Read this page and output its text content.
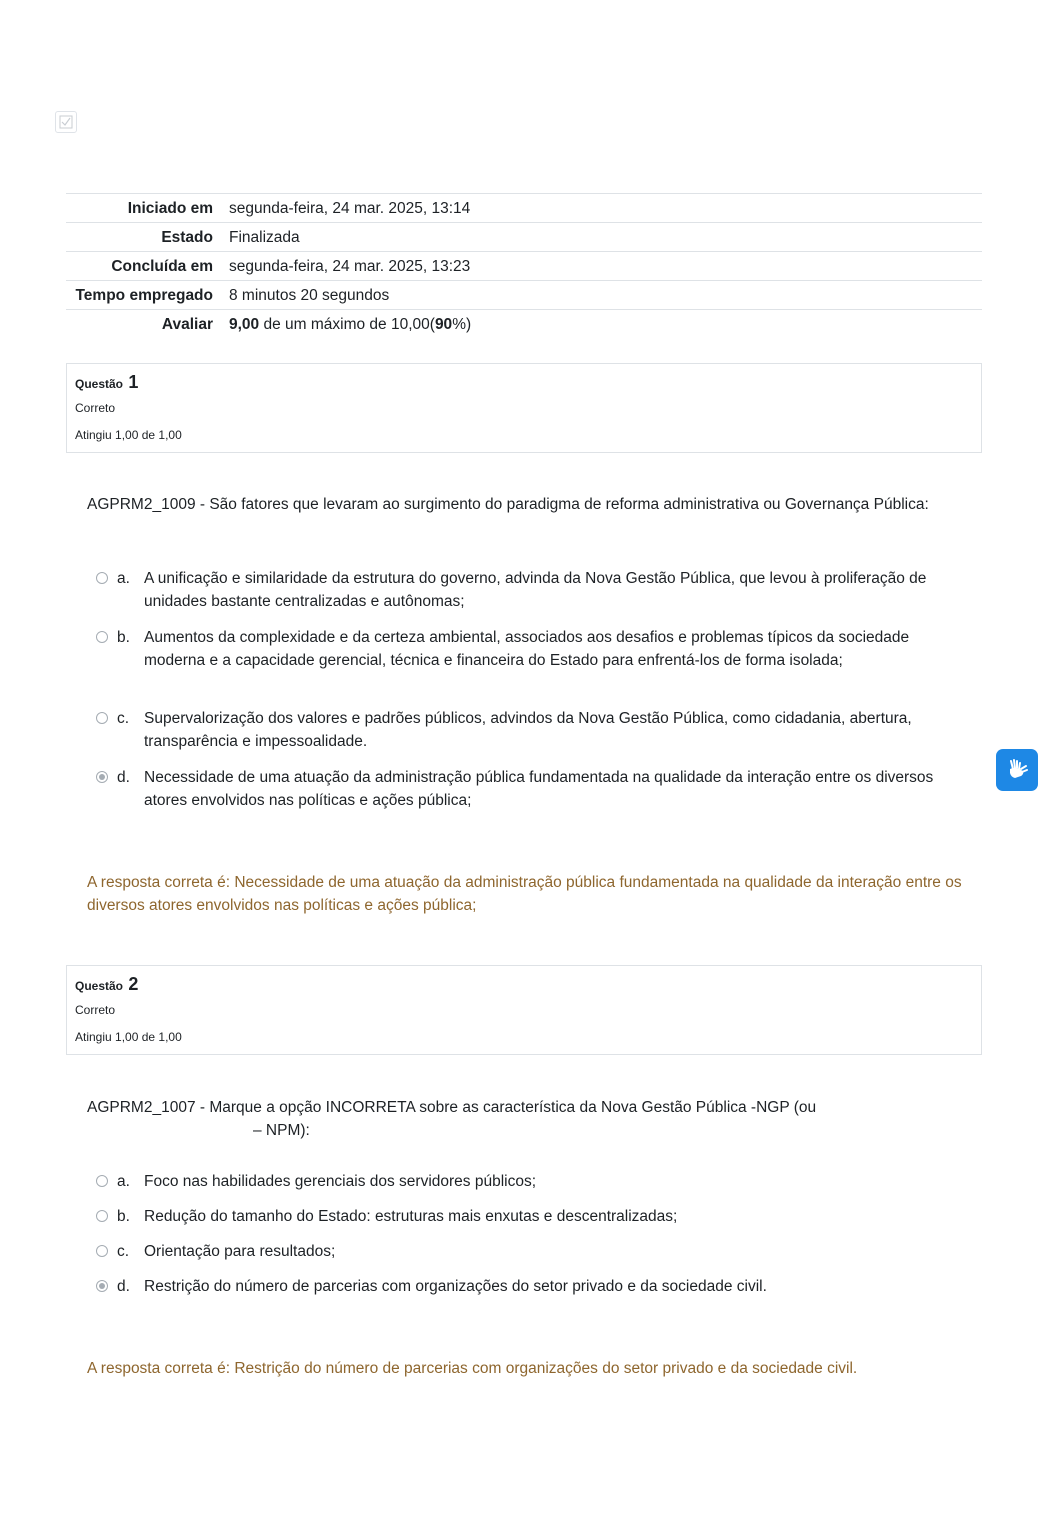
Iniciado em	segunda-feira, 24 mar. 2025, 13:14
Estado	Finalizada
Concluída em	segunda-feira, 24 mar. 2025, 13:23
Tempo empregado	8 minutos 20 segundos
Avaliar	9,00 de um máximo de 10,00(90%)
Questão 1
Correto
Atingiu 1,00 de 1,00
AGPRM2_1009 - São fatores que levaram ao surgimento do paradigma de reforma administrativa ou Governança Pública:
a. A unificação e similaridade da estrutura do governo, advinda da Nova Gestão Pública, que levou à proliferação de unidades bastante centralizadas e autônomas;
b. Aumentos da complexidade e da certeza ambiental, associados aos desafios e problemas típicos da sociedade moderna e a capacidade gerencial, técnica e financeira do Estado para enfrentá-los de forma isolada;
c. Supervalorização dos valores e padrões públicos, advindos da Nova Gestão Pública, como cidadania, abertura, transparência e impessoalidade.
d. Necessidade de uma atuação da administração pública fundamentada na qualidade da interação entre os diversos atores envolvidos nas políticas e ações pública;
A resposta correta é: Necessidade de uma atuação da administração pública fundamentada na qualidade da interação entre os diversos atores envolvidos nas políticas e ações pública;
Questão 2
Correto
Atingiu 1,00 de 1,00
AGPRM2_1007 - Marque a opção INCORRETA sobre as característica da Nova Gestão Pública -NGP (ou
– NPM):
a. Foco nas habilidades gerenciais dos servidores públicos;
b. Redução do tamanho do Estado: estruturas mais enxutas e descentralizadas;
c. Orientação para resultados;
d. Restrição do número de parcerias com organizações do setor privado e da sociedade civil.
A resposta correta é: Restrição do número de parcerias com organizações do setor privado e da sociedade civil.
